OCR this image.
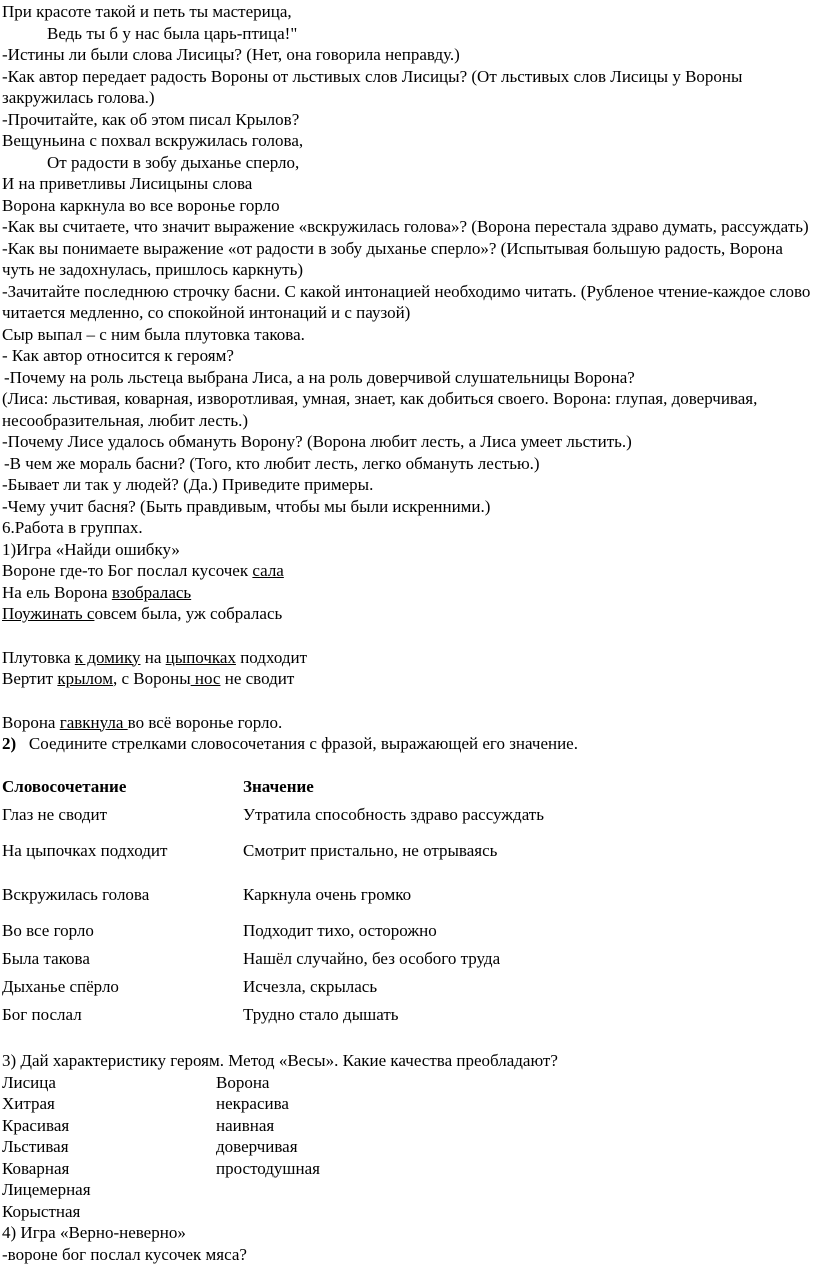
При красоте такой и петь ты мастерица,
Ведь ты б у нас была царь-птица!"
-Истины ли были слова Лисицы? (Нет, она говорила неправду.)
-Как автор передает радость Вороны от льстивых слов Лисицы? (От льстивых слов Лисицы у Вороны закружилась голова.)
-Прочитайте, как об этом писал Крылов?
Вещуньина с похвал вскружилась голова,
От радости в зобу дыханье сперло,
И на приветливы Лисицыны слова
Ворона каркнула во все воронье горло
-Как вы считаете, что значит выражение «вскружилась голова»? (Ворона перестала здраво думать, рассуждать)
-Как вы понимаете выражение «от радости в зобу дыханье сперло»? (Испытывая большую радость, Ворона чуть не задохнулась, пришлось каркнуть)
-Зачитайте последнюю строчку басни. С какой интонацией необходимо читать. (Рубленое чтение-каждое слово читается медленно, со спокойной интонаций и с паузой)
Сыр выпал – с ним была плутовка такова.
- Как автор относится к героям?
-Почему на роль льстеца выбрана Лиса, а на роль доверчивой слушательницы Ворона?
(Лиса: льстивая, коварная, изворотливая, умная, знает, как добиться своего. Ворона: глупая, доверчивая, несообразительная, любит лесть.)
-Почему Лисе удалось обмануть Ворону? (Ворона любит лесть, а Лиса умеет льстить.)
-В чем же мораль басни? (Того, кто любит лесть, легко обмануть лестью.)
-Бывает ли так у людей? (Да.) Приведите примеры.
-Чему учит басня? (Быть правдивым, чтобы мы были искренними.)
6.Работа в группах.
1)Игра «Найди ошибку»
Вороне где-то Бог послал кусочек сала
На ель Ворона взобралась
Поужинать совсем была, уж собралась
Плутовка к домику на цыпочках подходит
Вертит крылом, с Вороны нос не сводит
Ворона гавкнула во всё воронье горло.
2) Соедините стрелками словосочетания с фразой, выражающей его значение.
Словосочетание	Значение
Глаз не сводит	Утратила способность здраво рассуждать
На цыпочках подходит	Смотрит пристально, не отрываясь
Вскружилась голова	Каркнула очень громко
Во все горло	Подходит тихо, осторожно
Была такова	Нашёл случайно, без особого труда
Дыханье спёрло	Исчезла, скрылась
Бог послал	Трудно стало дышать
3) Дай характеристику героям. Метод «Весы». Какие качества преобладают?
Лисица	Ворона
Хитрая	некрасива
Красивая	наивная
Льстивая	доверчивая
Коварная	простодушная
Лицемерная
Корыстная
4) Игра «Верно-неверно»
-вороне бог послал кусочек мяса?
